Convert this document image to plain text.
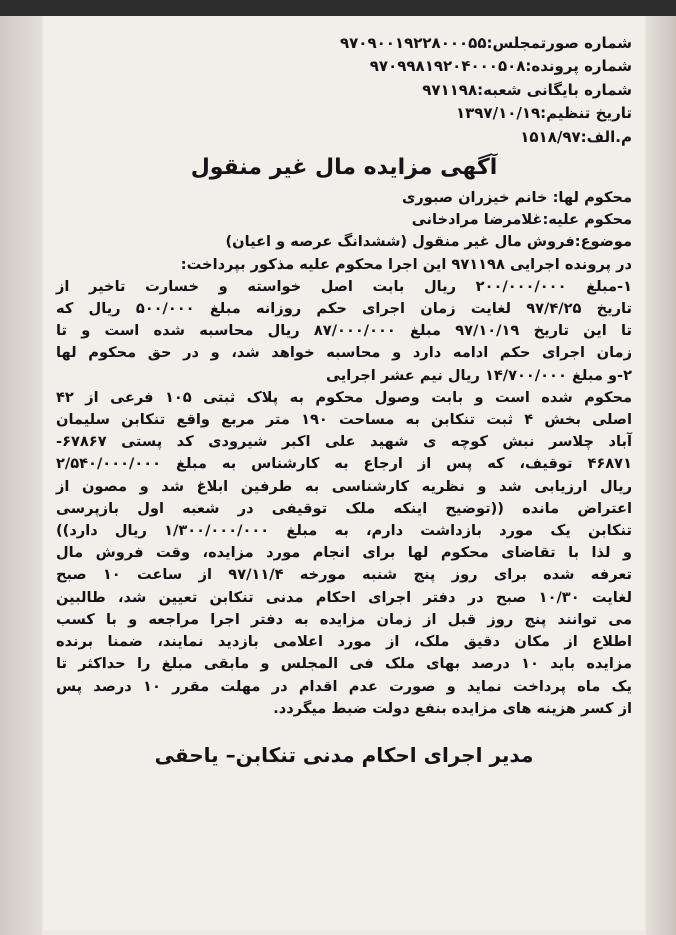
شماره صورتمجلس:۹۷۰۹۰۰۱۹۲۲۸۰۰۰۵۵
شماره پرونده:۹۷۰۹۹۸۱۹۲۰۴۰۰۰۵۰۸
شماره بایگانی شعبه:۹۷۱۱۹۸
تاریخ تنظیم:۱۳۹۷/۱۰/۱۹
م.الف:۱۵۱۸/۹۷
آگهی مزایده مال غیر منقول
محکوم لها: خانم خیزران صبوری
محکوم علیه:غلامرضا مرادخانی
موضوع:فروش مال غیر منقول (ششدانگ عرصه و اعیان)
در پرونده اجرایی ۹۷۱۱۹۸ این اجرا محکوم علیه مذکور بپرداخت:
۱-مبلغ ۲۰۰/۰۰۰/۰۰۰ ریال بابت اصل خواسته و خسارت تاخیر از
تاریخ ۹۷/۴/۲۵ لغایت زمان اجرای حکم روزانه مبلغ ۵۰۰/۰۰۰ ریال که
تا این تاریخ ۹۷/۱۰/۱۹ مبلغ ۸۷/۰۰۰/۰۰۰ ریال محاسبه شده است و تا
زمان اجرای حکم ادامه دارد و محاسبه خواهد شد، و در حق محکوم لها
۲-و مبلغ ۱۴/۷۰۰/۰۰۰ ریال نیم عشر اجرایی
محکوم شده است و بابت وصول محکوم به پلاک ثبتی ۱۰۵ فرعی از ۴۲
اصلی بخش ۴ ثبت تنکابن به مساحت ۱۹۰ متر مربع واقع تنکابن سلیمان
آباد چلاسر نبش کوچه ی شهید علی اکبر شیرودی کد پستی ۶۷۸۶۷-
۴۶۸۷۱ توقیف، که پس از ارجاع به کارشناس به مبلغ ۲/۵۴۰/۰۰۰/۰۰۰
ریال ارزیابی شد و نظریه کارشناسی به طرفین ابلاغ شد و مصون از
اعتراض مانده ((توضیح اینکه ملک توقیفی در شعبه اول بازپرسی
تنکابن یک مورد بازداشت دارم، به مبلغ ۱/۳۰۰/۰۰۰/۰۰۰ ریال دارد))
و لذا با تقاضای محکوم لها برای انجام مورد مزایده، وقت فروش مال
تعرفه شده برای روز پنج شنبه مورخه ۹۷/۱۱/۴ از ساعت ۱۰ صبح
لغایت ۱۰/۳۰ صبح در دفتر اجرای احکام مدنی تنکابن تعیین شد، طالبین
می توانند پنج روز قبل از زمان مزایده به دفتر اجرا مراجعه و با کسب
اطلاع از مکان دقیق ملک، از مورد اعلامی بازدید نمایند، ضمنا برنده
مزایده باید ۱۰ درصد بهای ملک فی المجلس و مابقی مبلغ را حداکثر تا
یک ماه پرداخت نماید و صورت عدم اقدام در مهلت مقرر ۱۰ درصد پس
از کسر هزینه های مزایده بنفع دولت ضبط میگردد.
مدیر اجرای احکام مدنی تنکابن– یاحقی
